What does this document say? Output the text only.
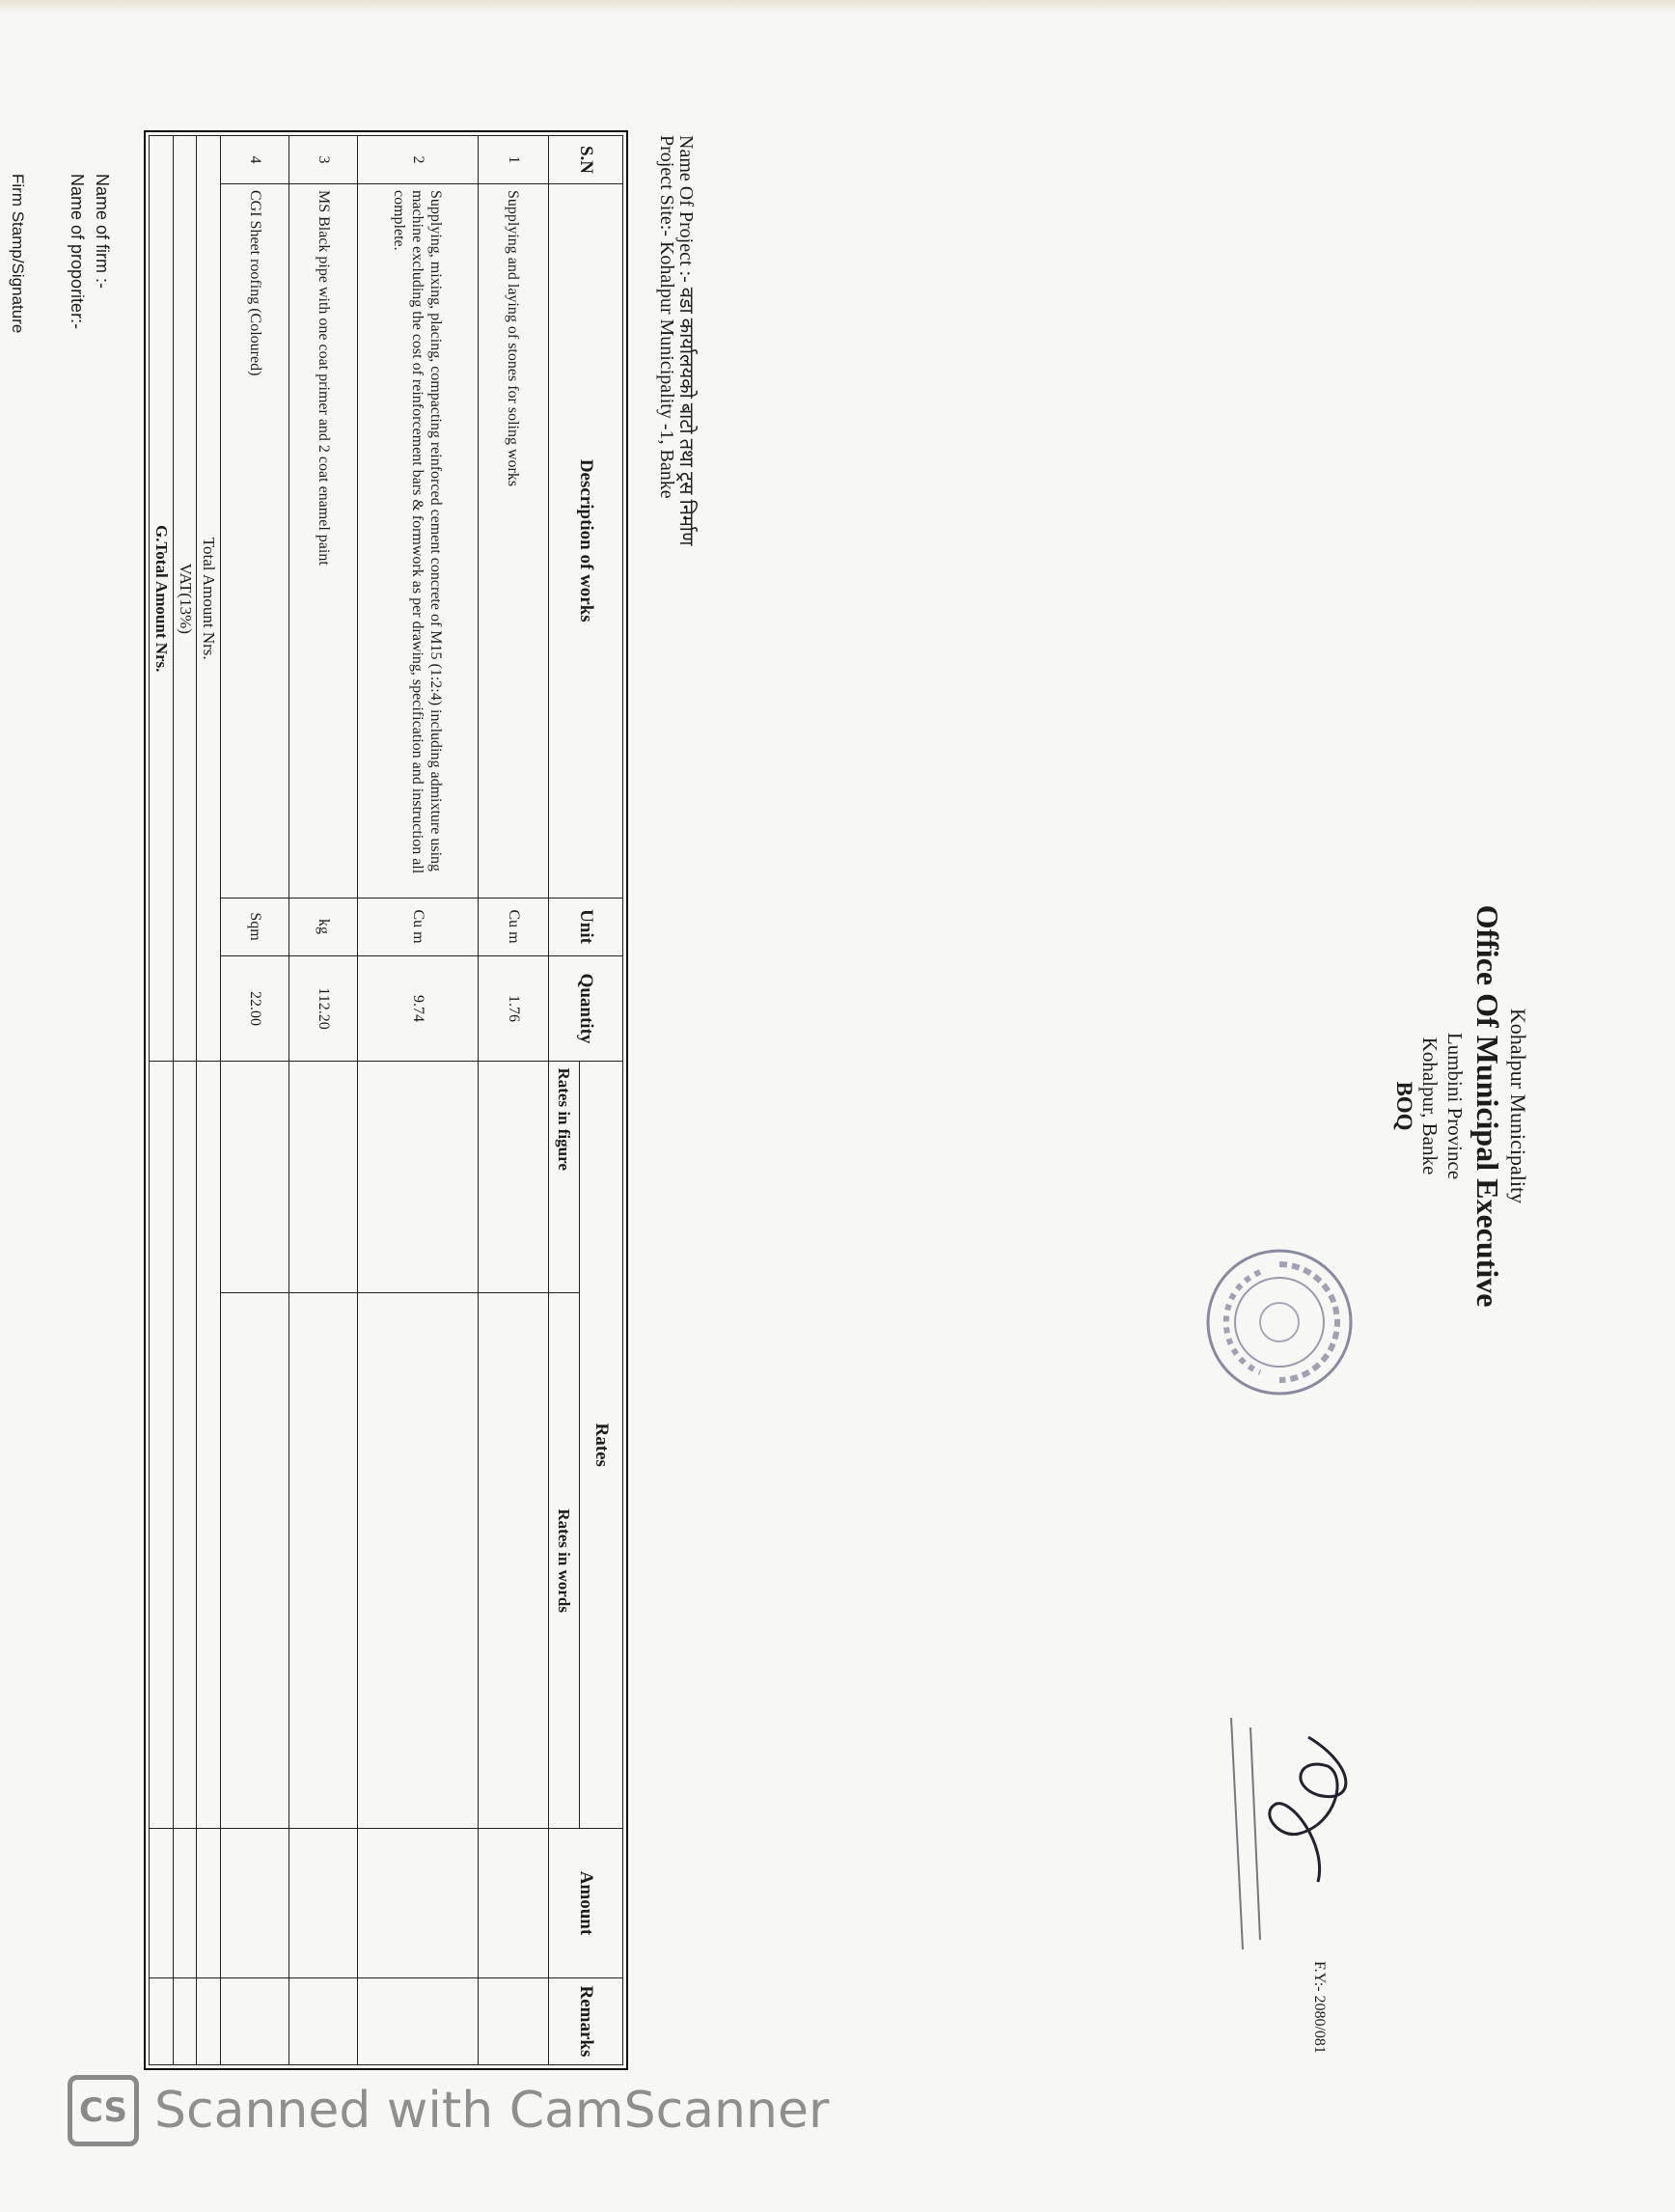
Kohalpur Municipality
Office Of Municipal Executive
Lumbini Province
Kohalpur, Banke
BOQ
F.Y:- 2080/081
Name Of Project :- वडा कार्यालयको बाटो तथा ट्रस निर्माण
Project Site:- Kohalpur Municipality -1, Banke
S.N	Description of works	Unit	Quantity	Rates		Amount	Remarks
				Rates in figure	Rates in words		
1	Supplying and laying of stones for soling works	Cu m	1.76				
2	Supplying, mixing, placing, compacting reinforced cement concrete of M15 (1:2:4) including admixture using machine excluding the cost of reinforcement bars & formwork as per drawing, specification and instruction all complete.	Cu m	9.74				
3	MS Black pipe with one coat primer and 2 coat enamel paint	kg	112.20				
4	CGI Sheet roofing (Coloured)	Sqm	22.00				
Total Amount Nrs.							
VAT(13%)							
G.Total Amount Nrs.							
Name of firm :-
Name of proporiter:-
Firm Stamp/Signature
CS Scanned with CamScanner
